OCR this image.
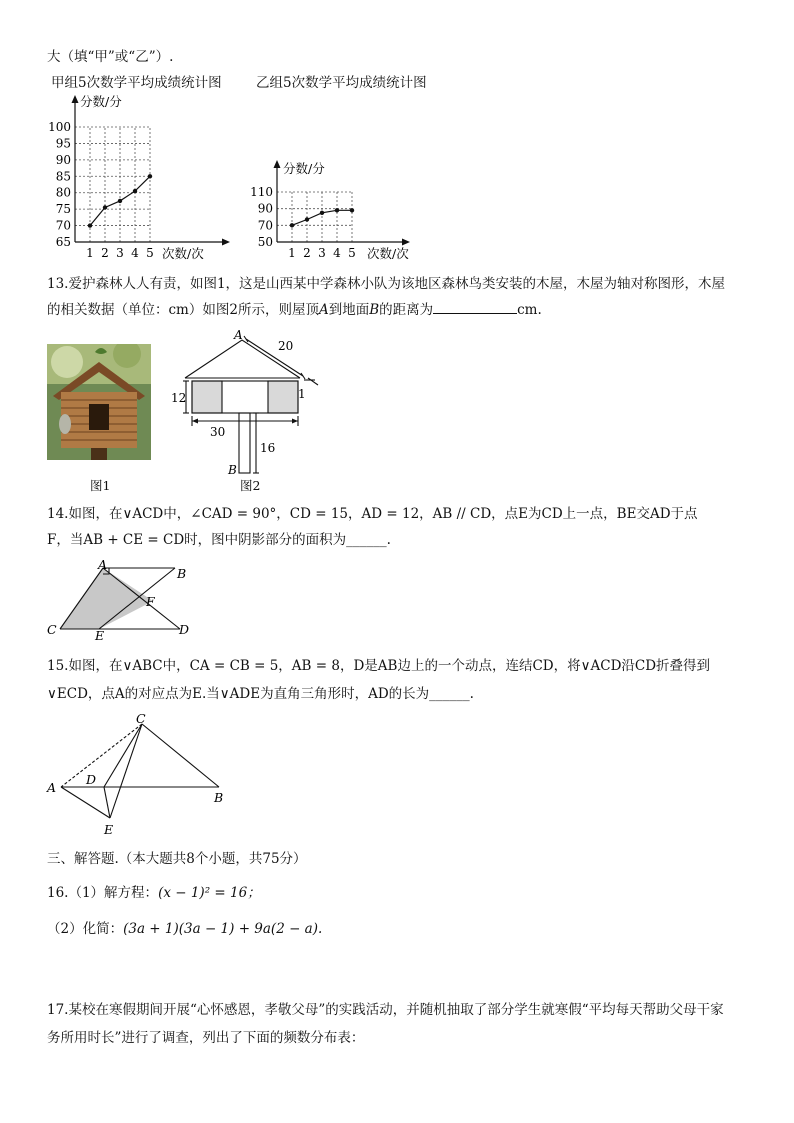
大（填“甲”或“乙”）.
甲组5次数学平均成绩统计图	乙组5次数学平均成绩统计图
分数/分
次数/次
65
70
75
80
85
90
95
100
1 2 3 4 5
分数/分
次数/次
50
70
90
110
1 2 3 4 5
13.爱护森林人人有责，如图1，这是山西某中学森林小队为该地区森林鸟类安装的木屋，木屋为轴对称图形，木屋
的相关数据（单位：cm）如图2所示，则屋顶A到地面B的距离为	cm.
图1
A
B
20
12
30
16
1
图2
14.如图，在∨ACD中，∠CAD = 90°，CD = 15，AD = 12，AB // CD，点E为CD上一点，BE交AD于点
F，当AB + CE = CD时，图中阴影部分的面积为______.
A
B
C	D
E
F
15.如图，在∨ABC中，CA = CB = 5，AB = 8，D是AB边上的一个动点，连结CD，将∨ACD沿CD折叠得到
∨ECD，点A的对应点为E.当∨ADE为直角三角形时，AD的长为______.
C
A
B
D
E
三、解答题.（本大题共8个小题，共75分）
16.（1）解方程：(x − 1)² = 16；
（2）化简：(3a + 1)(3a − 1) + 9a(2 − a).
17.某校在寒假期间开展“心怀感恩，孝敬父母”的实践活动，并随机抽取了部分学生就寒假“平均每天帮助父母干家
务所用时长”进行了调查，列出了下面的频数分布表：
